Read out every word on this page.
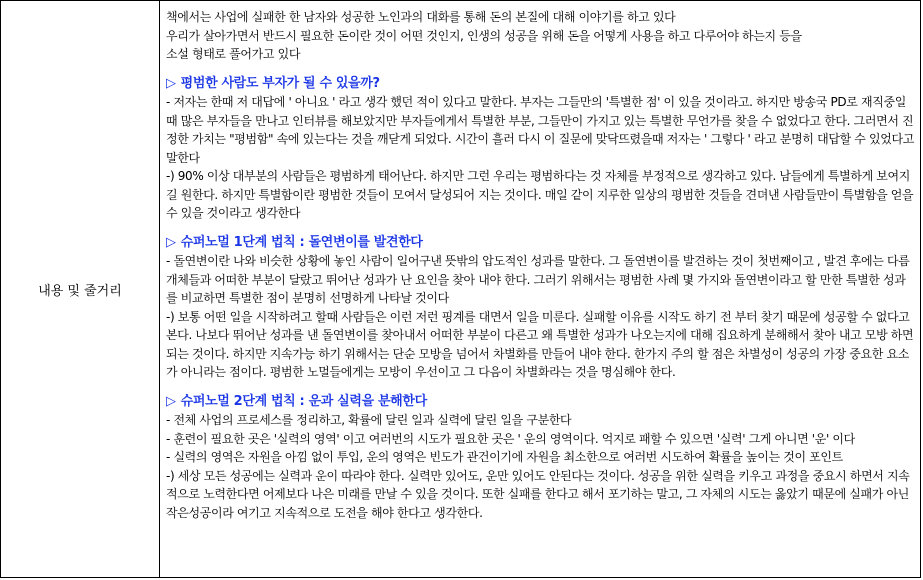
내용 및 줄거리
책에서는 사업에 실패한 한 남자와 성공한 노인과의 대화를 통해 돈의 본질에 대해 이야기를 하고 있다
우리가 살아가면서 반드시 필요한 돈이란 것이 어떤 것인지, 인생의 성공을 위해 돈을 어떻게 사용을 하고 다루어야 하는지 등을
소설 형태로 풀어가고 있다
▷ 평범한 사람도 부자가 될 수 있을까?
- 저자는 한때 저 대답에 ' 아니요 ' 라고 생각 했던 적이 있다고 말한다. 부자는 그들만의 '특별한 점' 이 있을 것이라고. 하지만 방송국 PD로 재직중일때 많은 부자들을 만나고 인터뷰를 해보았지만 부자들에게서 특별한 부분, 그들만이 가지고 있는 특별한 무언가를 찾을 수 없었다고 한다. 그러면서 진정한 가치는 "평범함" 속에 있는다는 것을 깨닫게 되었다. 시간이 흘러 다시 이 질문에 맞닥뜨렸을때 저자는 ' 그렇다 ' 라고 분명히 대답할 수 있었다고 말한다
-) 90% 이상 대부분의 사람들은 평범하게 태어난다. 하지만 그런 우리는 평범하다는 것 자체를 부정적으로 생각하고 있다. 남들에게 특별하게 보여지길 원한다. 하지만 특별함이란 평범한 것들이 모여서 달성되어 지는 것이다. 매일 같이 지루한 일상의 평범한 것들을 견뎌낸 사람들만이 특별함을 얻을 수 있을 것이라고 생각한다
▷ 슈퍼노멀 1단계 법칙 : 돌연변이를 발견한다
- 돌연변이란 나와 비슷한 상황에 놓인 사람이 일어구낸 뜻밖의 압도적인 성과를 말한다. 그 돌연변이를 발견하는 것이 첫번째이고 , 발견 후에는 다름 개체들과 어떠한 부분이 달랐고 뛰어난 성과가 난 요인을 찾아 내야 한다. 그러기 위해서는 평범한 사례 몇 가지와 돌연변이라고 할 만한 특별한 성과를 비교하면 특별한 점이 분명히 선명하게 나타날 것이다
-) 보통 어떤 일을 시작하려고 할때 사람들은 이런 저런 핑계를 대면서 일을 미룬다. 실패할 이유를 시작도 하기 전 부터 찾기 때문에 성공할 수 없다고 본다. 나보다 뛰어난 성과를 낸 돌연변이를 찾아내서 어떠한 부분이 다른고 왜 특별한 성과가 나오는지에 대해 집요하게 분해해서 찾아 내고 모방 하면 되는 것이다. 하지만 지속가능 하기 위해서는 단순 모방을 넘어서 차별화를 만들어 내야 한다. 한가지 주의 할 점은 차별성이 성공의 가장 중요한 요소가 아니라는 점이다. 평범한 노멀들에게는 모방이 우선이고 그 다음이 차별화라는 것을 명심해야 한다.
▷ 슈퍼노멀 2단계 법칙 : 운과 실력을 분해한다
- 전체 사업의 프로세스를 정리하고, 확률에 달린 일과 실력에 달린 일을 구분한다
- 훈련이 필요한 곳은 '실력의 영역' 이고 여러번의 시도가 필요한 곳은 ' 운의 영역이다. 억지로 패할 수 있으면 '실력' 그게 아니면 '운' 이다
- 실력의 영역은 자원을 아낌 없이 투입, 운의 영역은 빈도가 관건이기에 자원을 최소한으로 여러번 시도하여 확률을 높이는 것이 포인트
-) 세상 모든 성공에는 실력과 운이 따라야 한다. 실력만 있어도, 운만 있어도 안된다는 것이다. 성공을 위한 실력을 키우고 과정을 중요시 하면서 지속적으로 노력한다면 어제보다 나은 미래를 만날 수 있을 것이다. 또한 실패를 한다고 해서 포기하는 말고, 그 자체의 시도는 옳았기 때문에 실패가 아닌 작은성공이라 여기고 지속적으로 도전을 해야 한다고 생각한다.
